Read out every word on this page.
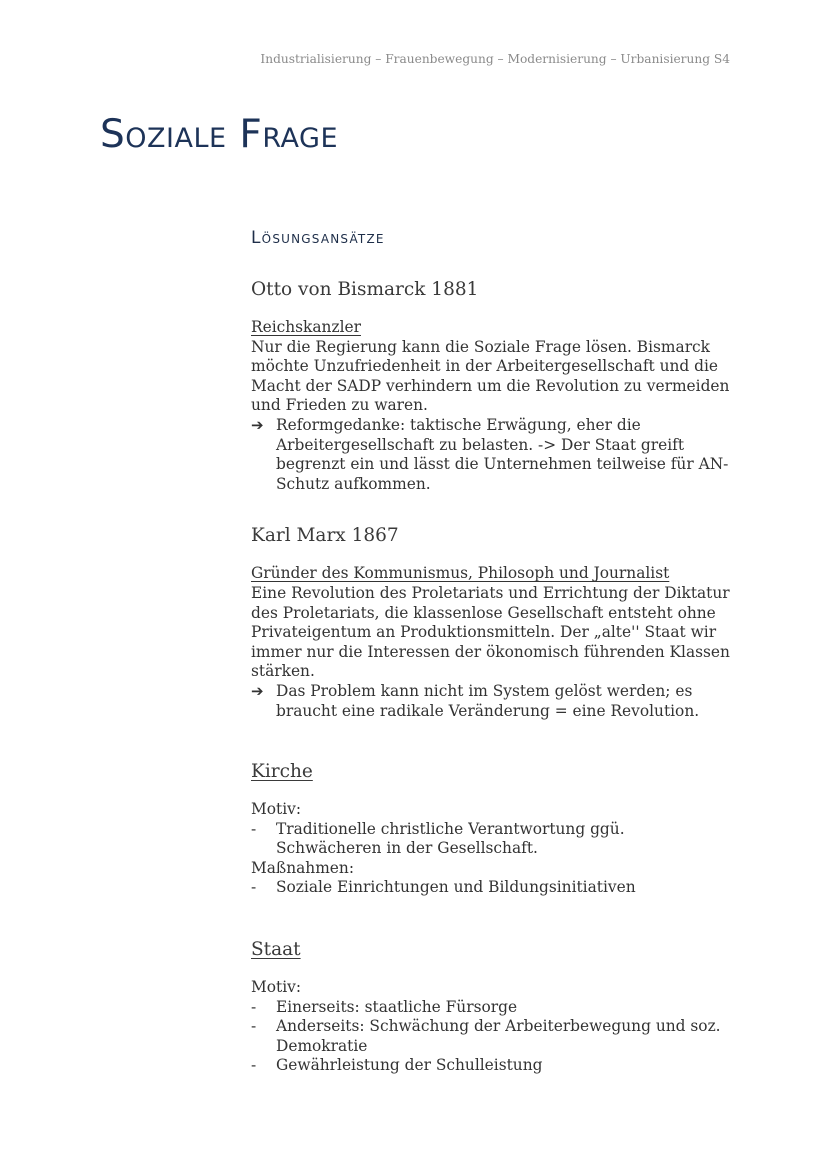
Industrialisierung – Frauenbewegung – Modernisierung – Urbanisierung S4
Soziale Frage
Lösungsansätze
Otto von Bismarck 1881
Reichskanzler

Nur die Regierung kann die Soziale Frage lösen. Bismarck möchte Unzufriedenheit in der Arbeitergesellschaft und die Macht der SADP verhindern um die Revolution zu vermeiden und Frieden zu waren.

➔ Reformgedanke: taktische Erwägung, eher die Arbeitergesellschaft zu belasten. -> Der Staat greift begrenzt ein und lässt die Unternehmen teilweise für AN-Schutz aufkommen.
Karl Marx 1867
Gründer des Kommunismus, Philosoph und Journalist

Eine Revolution des Proletariats und Errichtung der Diktatur des Proletariats, die klassenlose Gesellschaft entsteht ohne Privateigentum an Produktionsmitteln. Der „alte'' Staat wir immer nur die Interessen der ökonomisch führenden Klassen stärken.

➔ Das Problem kann nicht im System gelöst werden; es braucht eine radikale Veränderung = eine Revolution.
Kirche

Motiv:

- Traditionelle christliche Verantwortung ggü. Schwächeren in der Gesellschaft.

Maßnahmen:

- Soziale Einrichtungen und Bildungsinitiativen
Staat

Motiv:

- Einerseits: staatliche Fürsorge
- Anderseits: Schwächung der Arbeiterbewegung und soz. Demokratie
- Gewährleistung der Schulleistung
